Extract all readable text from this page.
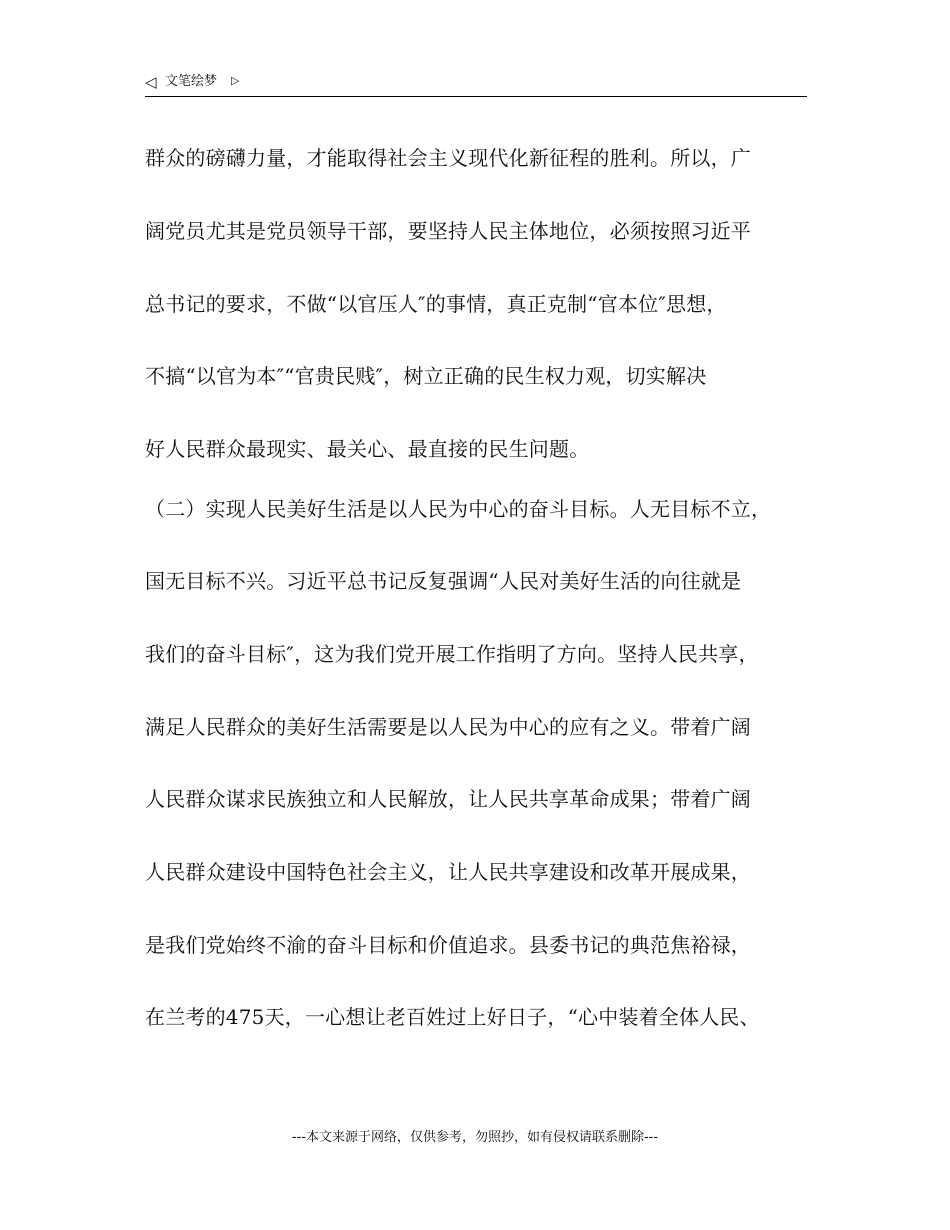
◁ 文笔绘梦 ▷
群众的磅礴力量，才能取得社会主义现代化新征程的胜利。所以，广
阔党员尤其是党员领导干部，要坚持人民主体地位，必须按照习近平
总书记的要求，不做“以官压人″的事情，真正克制“官本位″思想，
不搞“以官为本″“官贵民贱″，树立正确的民生权力观，切实解决
好人民群众最现实、最关心、最直接的民生问题。
（二）实现人民美好生活是以人民为中心的奋斗目标。人无目标不立，
国无目标不兴。习近平总书记反复强调“人民对美好生活的向往就是
我们的奋斗目标″，这为我们党开展工作指明了方向。坚持人民共享，
满足人民群众的美好生活需要是以人民为中心的应有之义。带着广阔
人民群众谋求民族独立和人民解放，让人民共享革命成果；带着广阔
人民群众建设中国特色社会主义，让人民共享建设和改革开展成果，
是我们党始终不渝的奋斗目标和价值追求。县委书记的典范焦裕禄，
在兰考的475天，一心想让老百姓过上好日子，“心中装着全体人民、
---本文来源于网络，仅供参考，勿照抄，如有侵权请联系删除---
